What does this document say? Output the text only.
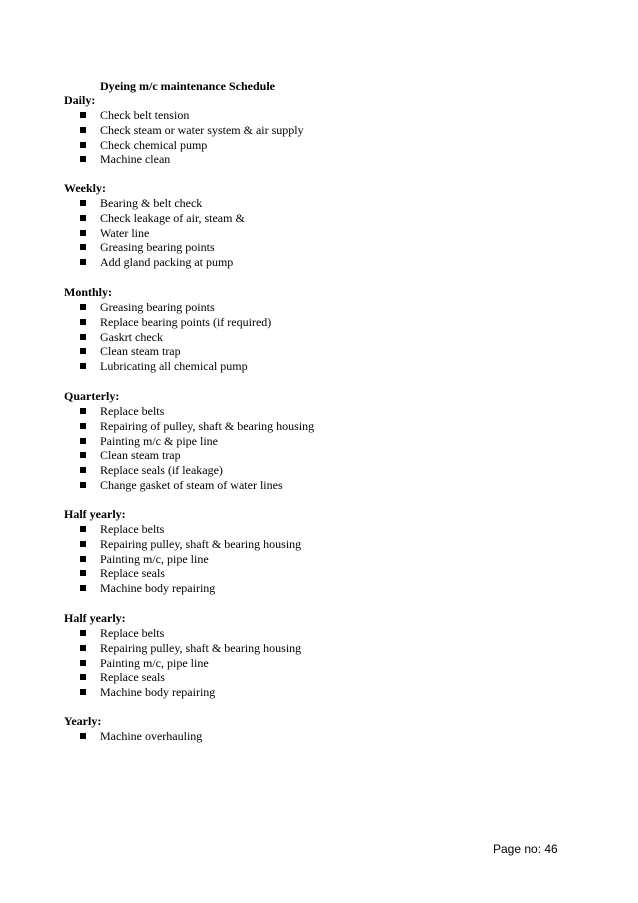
Dyeing m/c maintenance Schedule
Daily:
Check belt tension
Check steam or water system & air supply
Check chemical pump
Machine clean
Weekly:
Bearing & belt check
Check leakage of air, steam &
Water line
Greasing bearing points
Add gland packing at pump
Monthly:
Greasing bearing points
Replace bearing points (if required)
Gaskrt check
Clean steam trap
Lubricating all chemical pump
Quarterly:
Replace belts
Repairing of pulley, shaft & bearing housing
Painting m/c & pipe line
Clean steam trap
Replace seals (if leakage)
Change gasket of steam of water lines
Half yearly:
Replace belts
Repairing pulley, shaft & bearing housing
Painting m/c, pipe line
Replace seals
Machine body repairing
Half yearly:
Replace belts
Repairing pulley, shaft & bearing housing
Painting m/c, pipe line
Replace seals
Machine body repairing
Yearly:
Machine overhauling
Page no: 46
